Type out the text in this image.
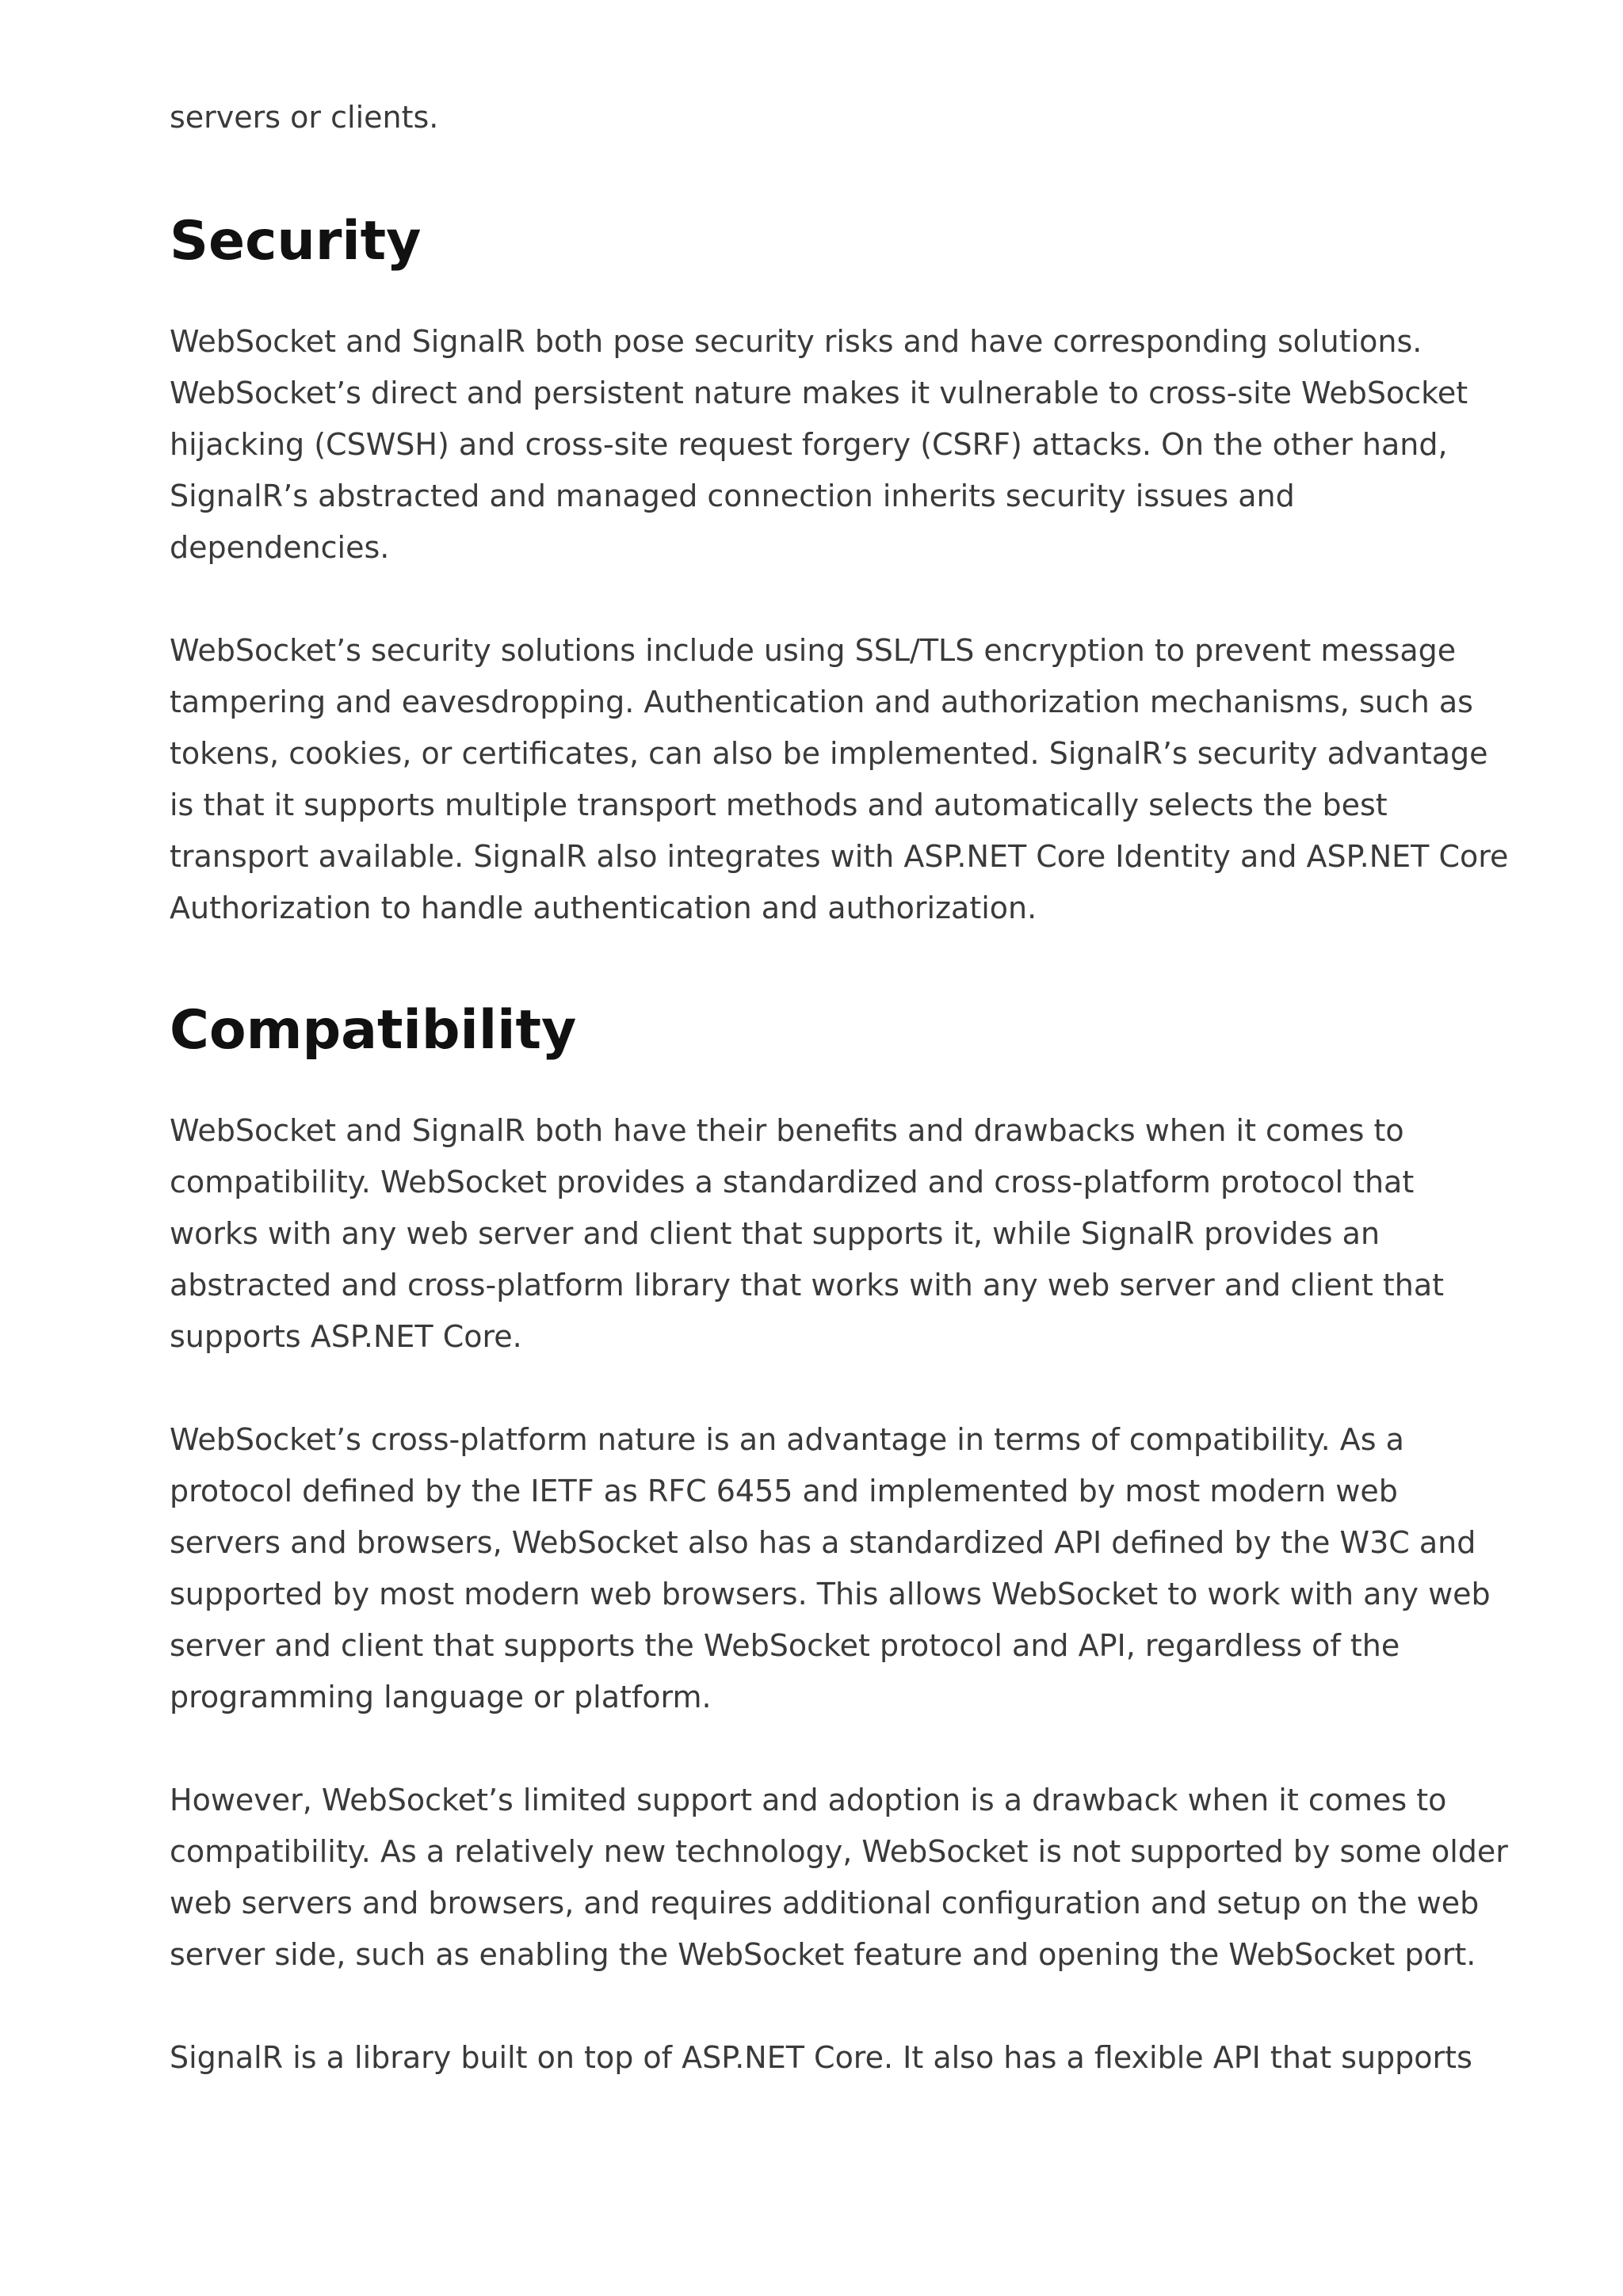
servers or clients.

Security

WebSocket and SignalR both pose security risks and have corresponding solutions. WebSocket’s direct and persistent nature makes it vulnerable to cross-site WebSocket hijacking (CSWSH) and cross-site request forgery (CSRF) attacks. On the other hand, SignalR’s abstracted and managed connection inherits security issues and dependencies.

WebSocket’s security solutions include using SSL/TLS encryption to prevent message tampering and eavesdropping. Authentication and authorization mechanisms, such as tokens, cookies, or certificates, can also be implemented. SignalR’s security advantage is that it supports multiple transport methods and automatically selects the best transport available. SignalR also integrates with ASP.NET Core Identity and ASP.NET Core Authorization to handle authentication and authorization.

Compatibility

WebSocket and SignalR both have their benefits and drawbacks when it comes to compatibility. WebSocket provides a standardized and cross-platform protocol that works with any web server and client that supports it, while SignalR provides an abstracted and cross-platform library that works with any web server and client that supports ASP.NET Core.

WebSocket’s cross-platform nature is an advantage in terms of compatibility. As a protocol defined by the IETF as RFC 6455 and implemented by most modern web servers and browsers, WebSocket also has a standardized API defined by the W3C and supported by most modern web browsers. This allows WebSocket to work with any web server and client that supports the WebSocket protocol and API, regardless of the programming language or platform.

However, WebSocket’s limited support and adoption is a drawback when it comes to compatibility. As a relatively new technology, WebSocket is not supported by some older web servers and browsers, and requires additional configuration and setup on the web server side, such as enabling the WebSocket feature and opening the WebSocket port.

SignalR is a library built on top of ASP.NET Core. It also has a flexible API that supports
